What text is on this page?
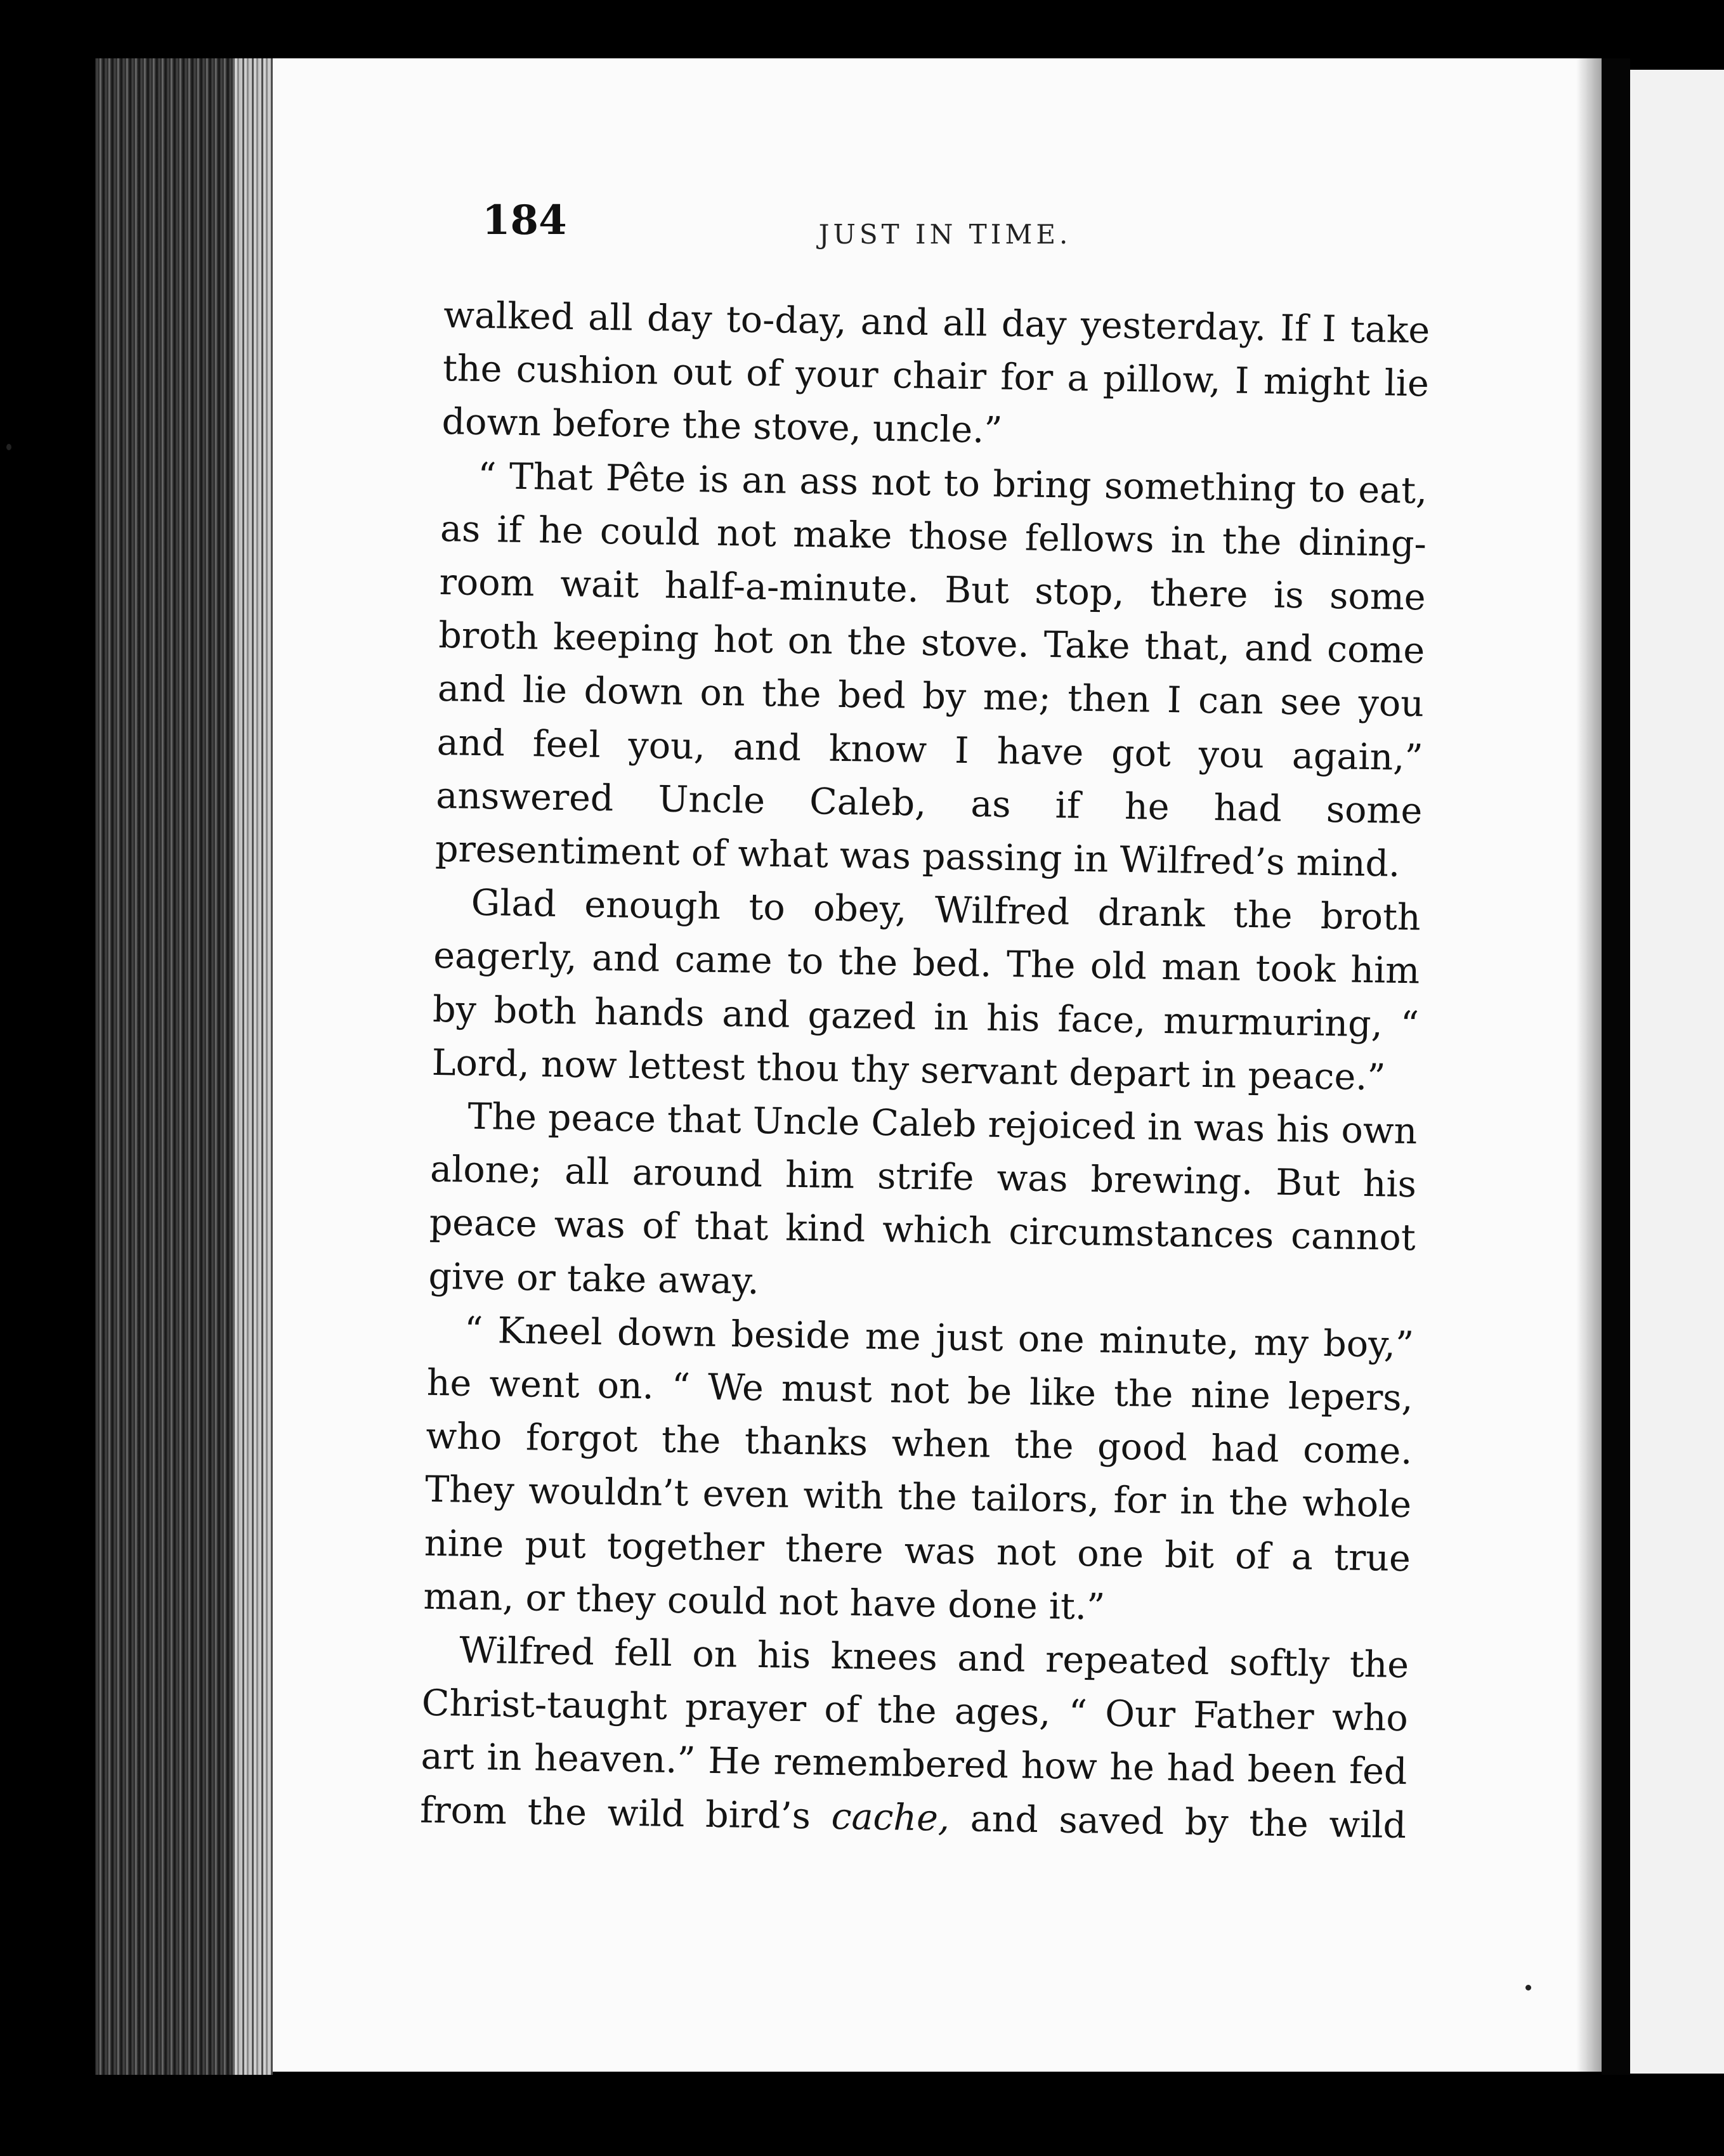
184	JUST IN TIME.

walked all day to-day, and all day yesterday. If I take the cushion out of your chair for a pillow, I might lie down before the stove, uncle.”

“ That Pête is an ass not to bring something to eat, as if he could not make those fellows in the dining-room wait half-a-minute. But stop, there is some broth keeping hot on the stove. Take that, and come and lie down on the bed by me; then I can see you and feel you, and know I have got you again,” answered Uncle Caleb, as if he had some presentiment of what was passing in Wilfred’s mind.

Glad enough to obey, Wilfred drank the broth eagerly, and came to the bed. The old man took him by both hands and gazed in his face, murmuring, “ Lord, now lettest thou thy servant depart in peace.”

The peace that Uncle Caleb rejoiced in was his own alone; all around him strife was brewing. But his peace was of that kind which circumstances cannot give or take away.

“ Kneel down beside me just one minute, my boy,” he went on. “ We must not be like the nine lepers, who forgot the thanks when the good had come. They wouldn’t even with the tailors, for in the whole nine put together there was not one bit of a true man, or they could not have done it.”

Wilfred fell on his knees and repeated softly the Christ-taught prayer of the ages, “ Our Father who art in heaven.” He remembered how he had been fed from the wild bird’s cache, and saved by the wild
